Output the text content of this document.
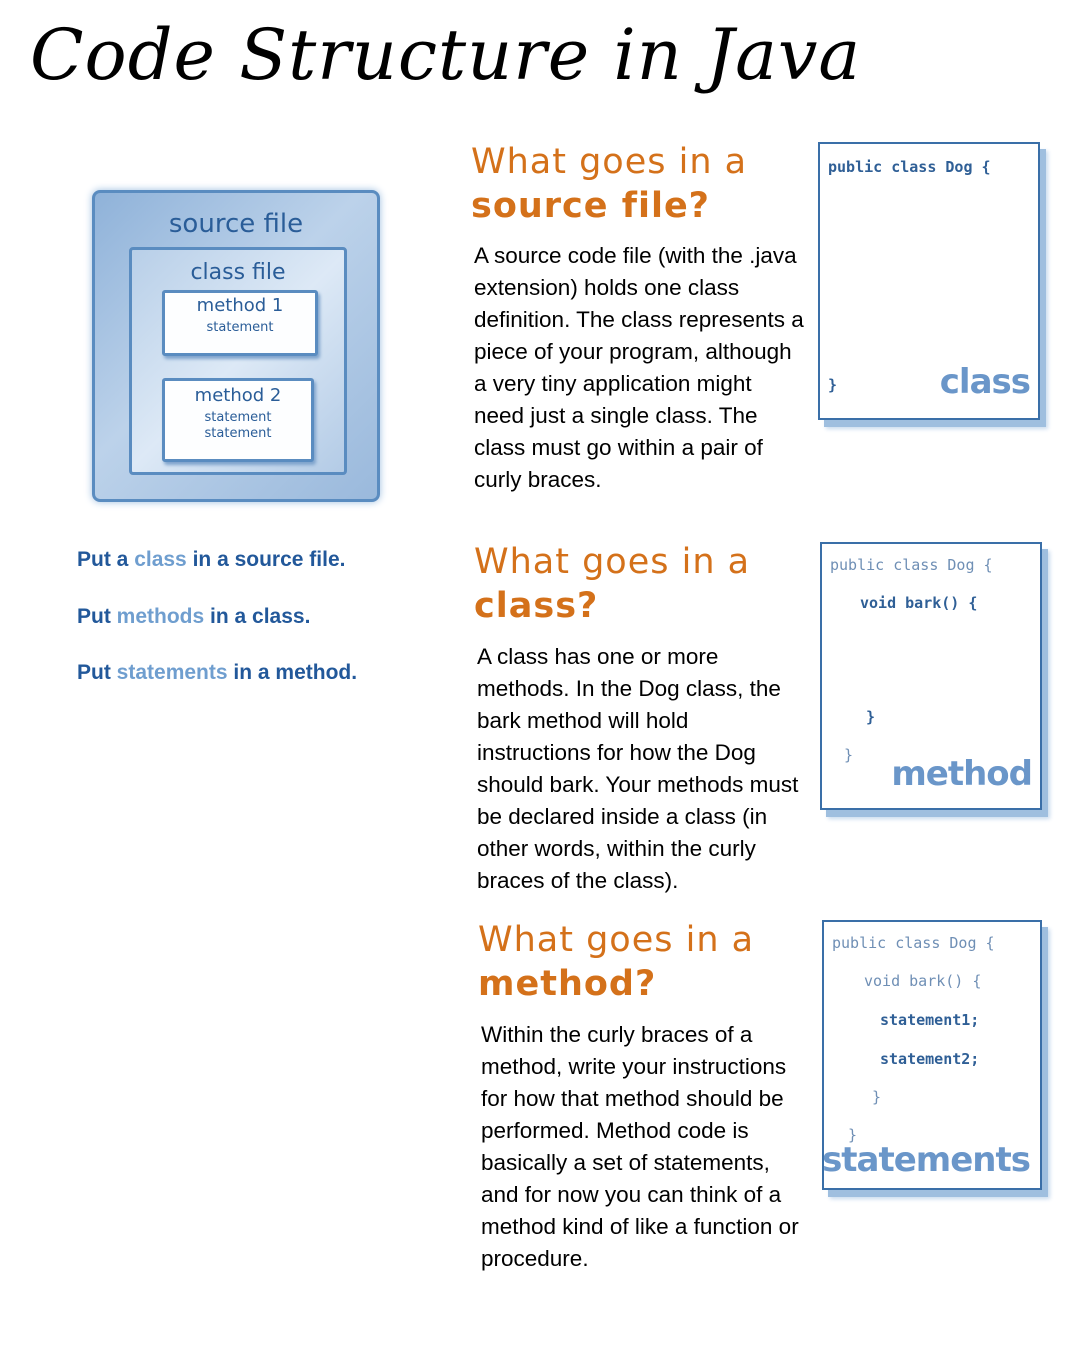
Code Structure in Java
source file
class file
method 1
statement
method 2
statement
statement
Put a class in a source file.
Put methods in a class.
Put statements in a method.
What goes in a
source file?
A source code file (with the .java extension) holds one class definition. The class represents a piece of your program, although a very tiny application might need just a single class. The class must go within a pair of curly braces.
public class Dog {
}	class
What goes in a
class?
A class has one or more methods. In the Dog class, the bark method will hold instructions for how the Dog should bark. Your methods must be declared inside a class (in other words, within the curly braces of the class).
public class Dog {
void bark() {
}
} method
What goes in a
method?
Within the curly braces of a method, write your instructions for how that method should be performed. Method code is basically a set of statements, and for now you can think of a method kind of like a function or procedure.
public class Dog {
void bark() {
statement1;
statement2;
}
}
statements
